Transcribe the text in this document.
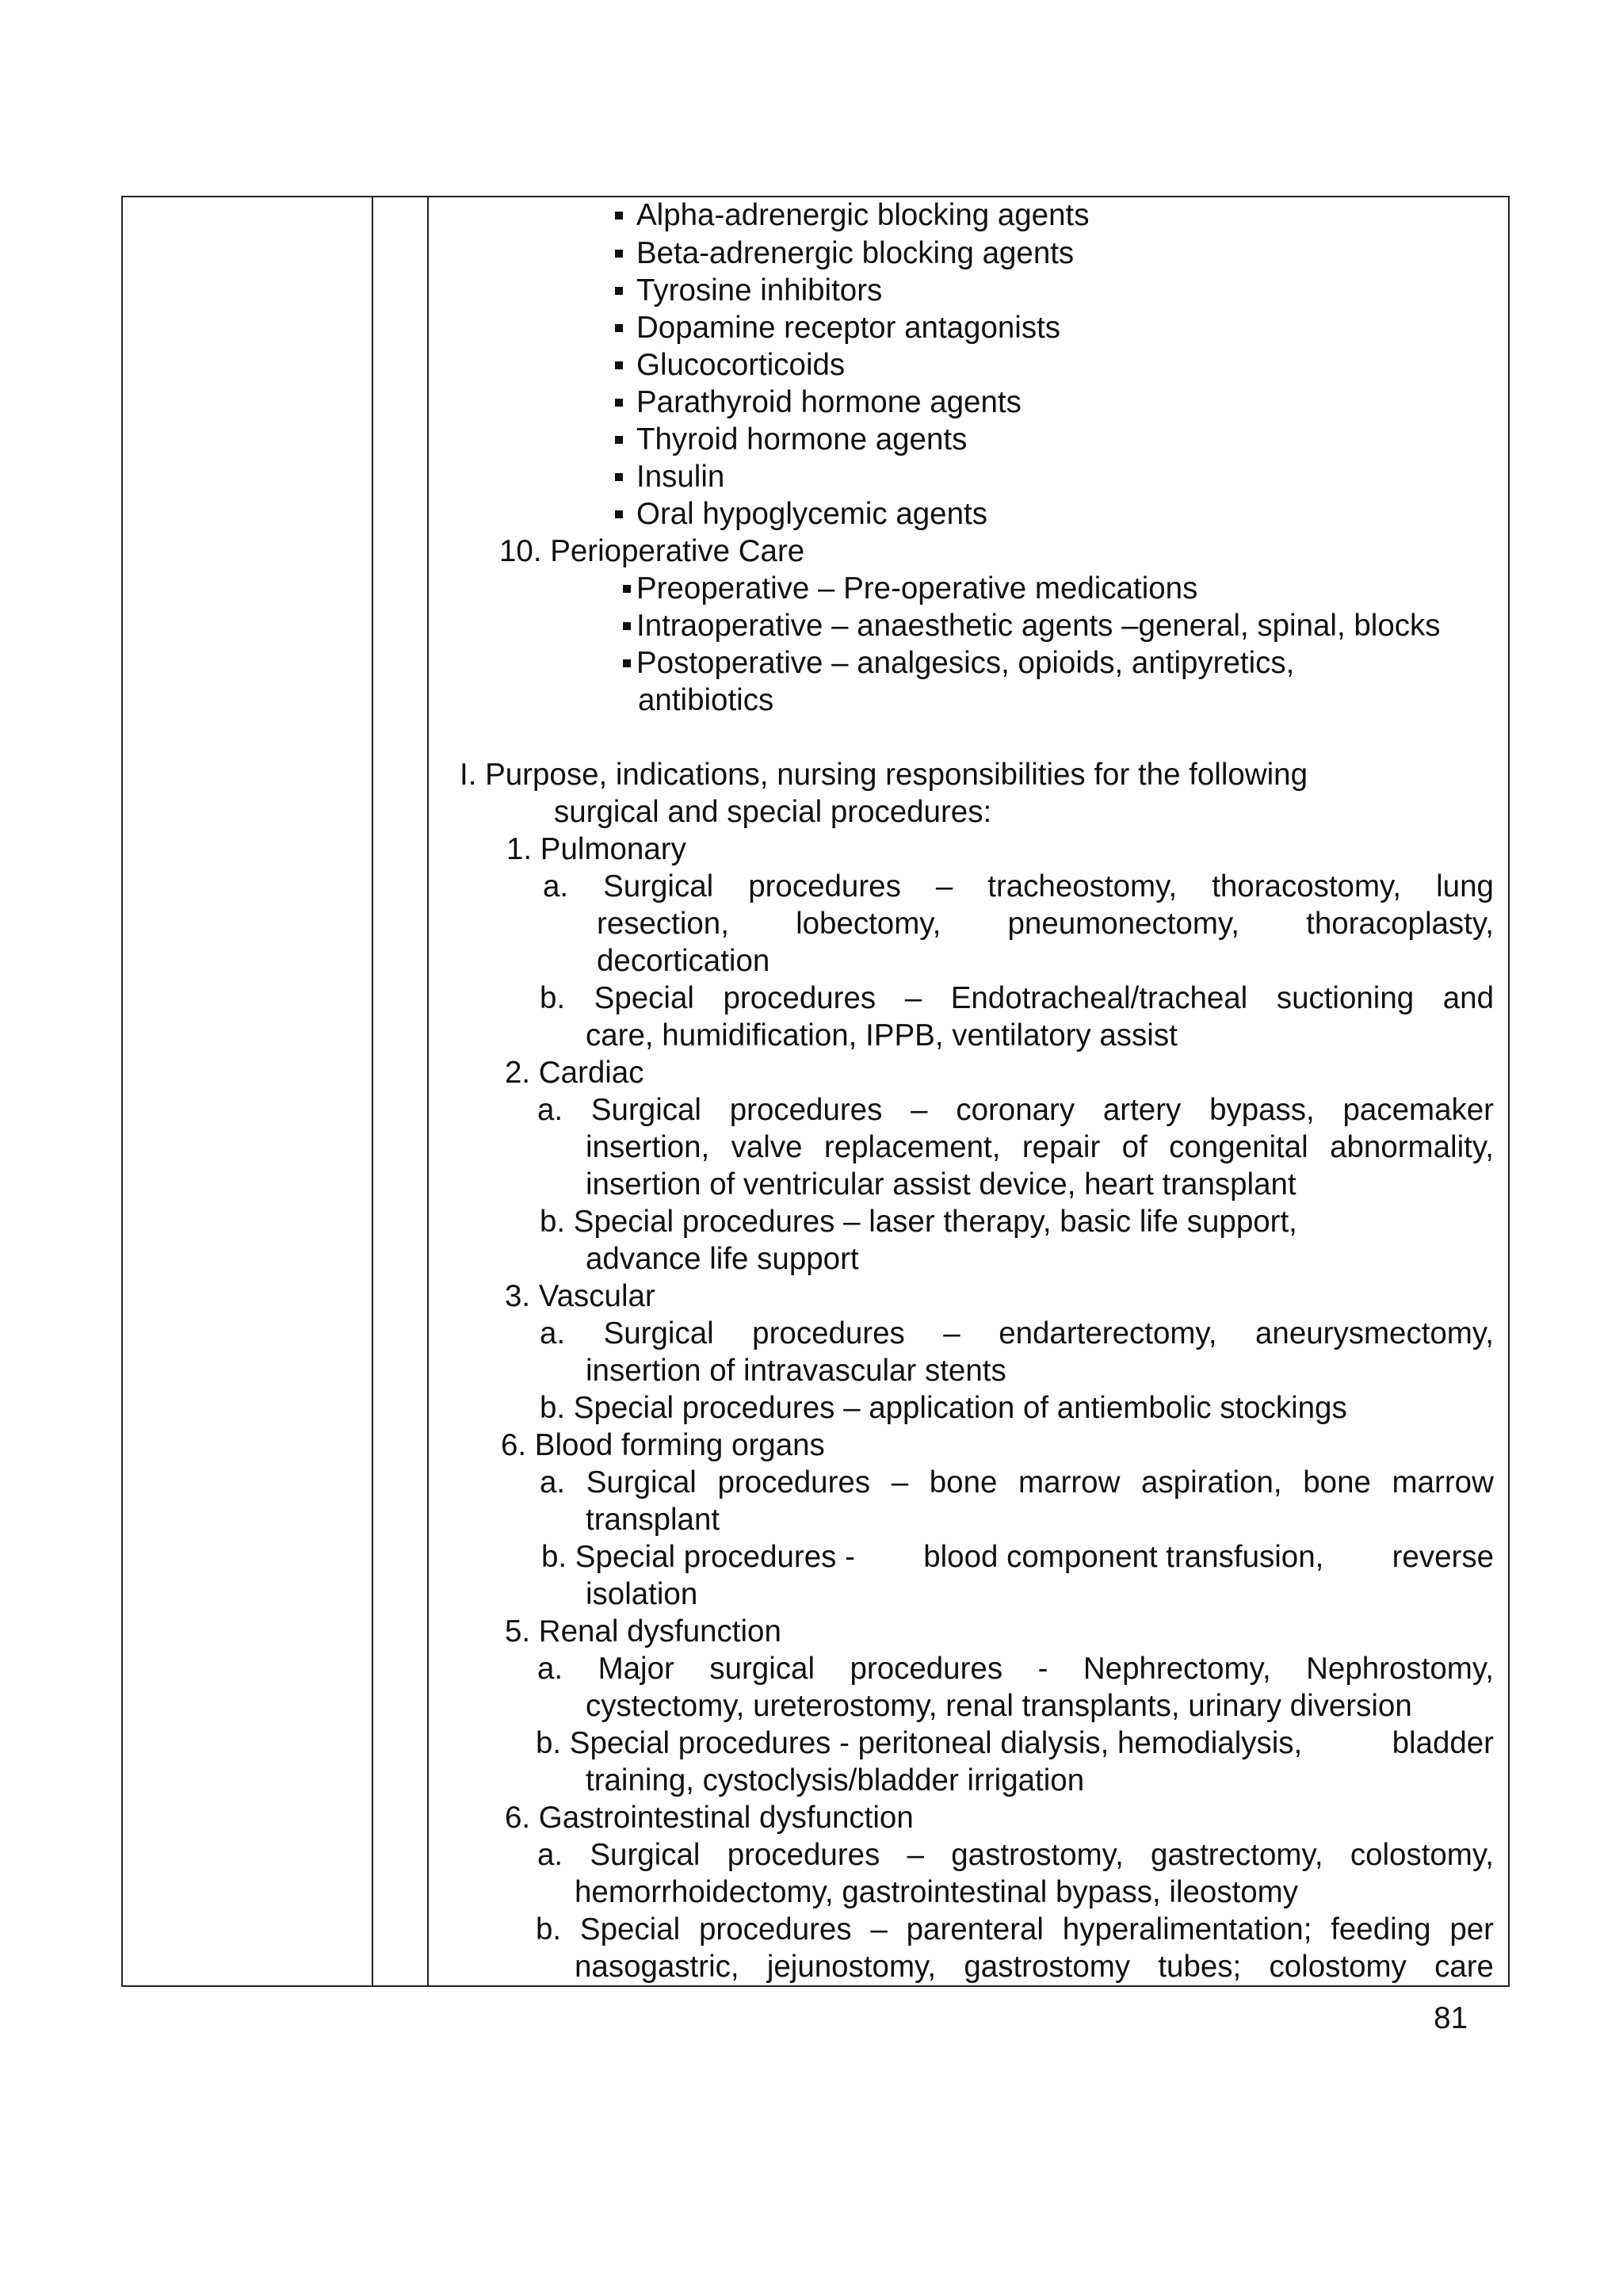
Alpha-adrenergic blocking agents
Beta-adrenergic blocking agents
Tyrosine inhibitors
Dopamine receptor antagonists
Glucocorticoids
Parathyroid hormone agents
Thyroid hormone agents
Insulin
Oral hypoglycemic agents
10. Perioperative Care
Preoperative – Pre-operative medications
Intraoperative – anaesthetic agents –general, spinal, blocks
Postoperative – analgesics, opioids, antipyretics,
antibiotics
I. Purpose, indications, nursing responsibilities for the following
surgical and special procedures:
1. Pulmonary
a. Surgical procedures – tracheostomy, thoracostomy, lung
resection, lobectomy, pneumonectomy, thoracoplasty,
decortication
b. Special procedures – Endotracheal/tracheal suctioning and
care, humidification, IPPB, ventilatory assist
2. Cardiac
a. Surgical procedures – coronary artery bypass, pacemaker
insertion, valve replacement, repair of congenital abnormality,
insertion of ventricular assist device, heart transplant
b. Special procedures – laser therapy, basic life support,
advance life support
3. Vascular
a. Surgical procedures – endarterectomy, aneurysmectomy,
insertion of intravascular stents
b. Special procedures – application of antiembolic stockings
6. Blood forming organs
a. Surgical procedures – bone marrow aspiration, bone marrow
transplant
b. Special procedures - blood component transfusion, reverse
isolation
5. Renal dysfunction
a. Major surgical procedures - Nephrectomy, Nephrostomy,
cystectomy, ureterostomy, renal transplants, urinary diversion
b. Special procedures - peritoneal dialysis, hemodialysis,	bladder
training, cystoclysis/bladder irrigation
6. Gastrointestinal dysfunction
a. Surgical procedures – gastrostomy, gastrectomy, colostomy,
hemorrhoidectomy, gastrointestinal bypass, ileostomy
b. Special procedures – parenteral hyperalimentation; feeding per
nasogastric, jejunostomy, gastrostomy tubes; colostomy care
81
